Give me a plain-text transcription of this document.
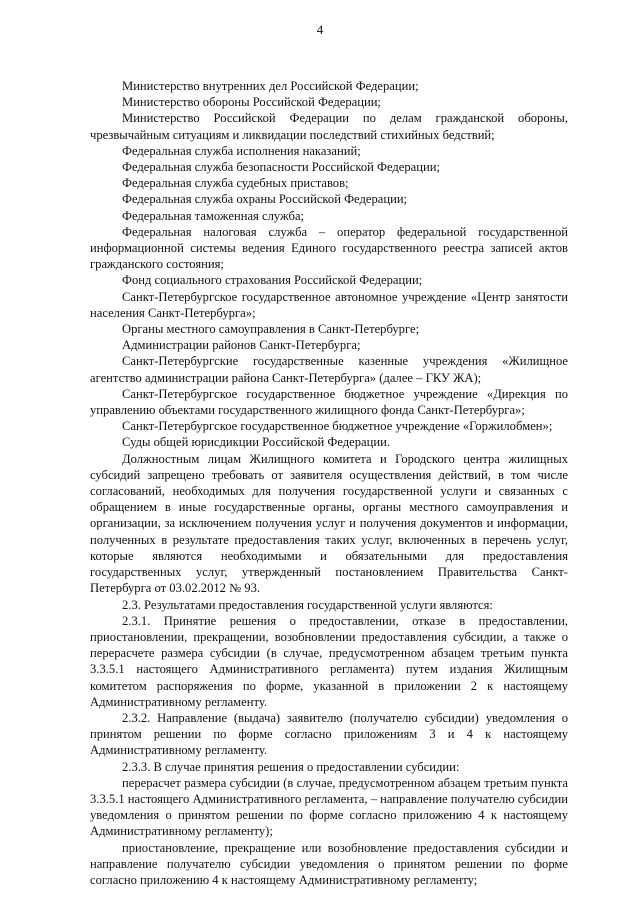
4

Министерство внутренних дел Российской Федерации;

Министерство обороны Российской Федерации;

Министерство Российской Федерации по делам гражданской обороны, чрезвычайным ситуациям и ликвидации последствий стихийных бедствий;

Федеральная служба исполнения наказаний;

Федеральная служба безопасности Российской Федерации;

Федеральная служба судебных приставов;

Федеральная служба охраны Российской Федерации;

Федеральная таможенная служба;

Федеральная налоговая служба – оператор федеральной государственной информационной системы ведения Единого государственного реестра записей актов гражданского состояния;

Фонд социального страхования Российской Федерации;

Санкт-Петербургское государственное автономное учреждение «Центр занятости населения Санкт-Петербурга»;

Органы местного самоуправления в Санкт-Петербурге;

Администрации районов Санкт-Петербурга;

Санкт-Петербургские государственные казенные учреждения «Жилищное агентство администрации района Санкт-Петербурга» (далее – ГКУ ЖА);

Санкт-Петербургское государственное бюджетное учреждение «Дирекция по управлению объектами государственного жилищного фонда Санкт-Петербурга»;

Санкт-Петербургское государственное бюджетное учреждение «Горжилобмен»;

Суды общей юрисдикции Российской Федерации.

Должностным лицам Жилищного комитета и Городского центра жилищных субсидий запрещено требовать от заявителя осуществления действий, в том числе согласований, необходимых для получения государственной услуги и связанных с обращением в иные государственные органы, органы местного самоуправления и организации, за исключением получения услуг и получения документов и информации, полученных в результате предоставления таких услуг, включенных в перечень услуг, которые являются необходимыми и обязательными для предоставления государственных услуг, утвержденный постановлением Правительства Санкт-Петербурга от 03.02.2012 № 93.

2.3. Результатами предоставления государственной услуги являются:

2.3.1. Принятие решения о предоставлении, отказе в предоставлении, приостановлении, прекращении, возобновлении предоставления субсидии, а также о перерасчете размера субсидии (в случае, предусмотренном абзацем третьим пункта 3.3.5.1 настоящего Административного регламента) путем издания Жилищным комитетом распоряжения по форме, указанной в приложении 2 к настоящему Административному регламенту.

2.3.2. Направление (выдача) заявителю (получателю субсидии) уведомления о принятом решении по форме согласно приложениям 3 и 4 к настоящему Административному регламенту.

2.3.3. В случае принятия решения о предоставлении субсидии:

перерасчет размера субсидии (в случае, предусмотренном абзацем третьим пункта 3.3.5.1 настоящего Административного регламента, – направление получателю субсидии уведомления о принятом решении по форме согласно приложению 4 к настоящему Административному регламенту);

приостановление, прекращение или возобновление предоставления субсидии и направление получателю субсидии уведомления о принятом решении по форме согласно приложению 4 к настоящему Административному регламенту;
